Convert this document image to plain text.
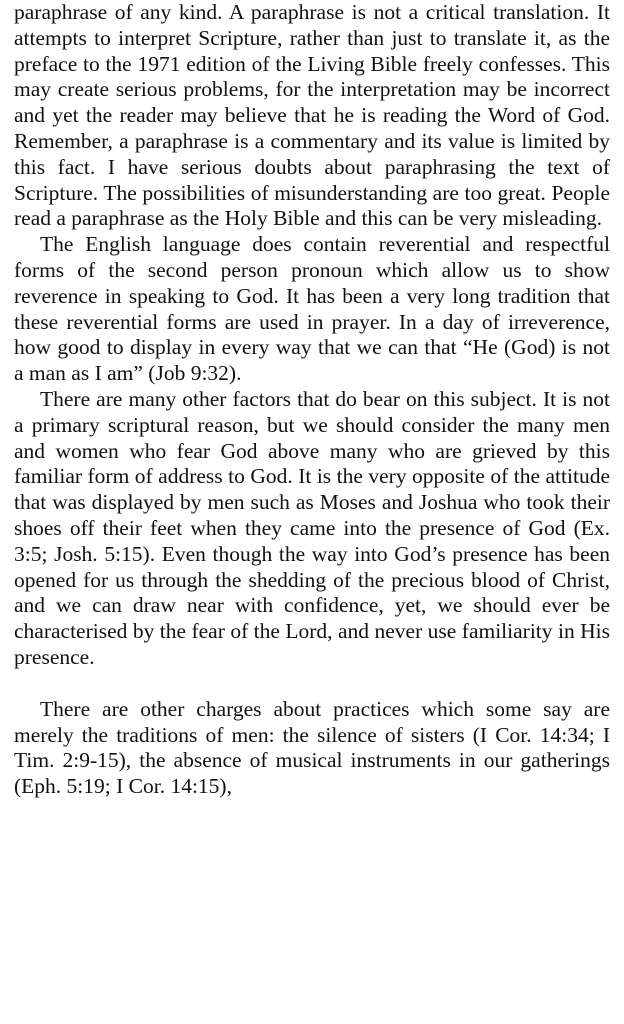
paraphrase of any kind. A paraphrase is not a critical translation. It attempts to interpret Scripture, rather than just to translate it, as the preface to the 1971 edition of the Living Bible freely confesses. This may create serious problems, for the interpretation may be incorrect and yet the reader may believe that he is reading the Word of God. Remember, a paraphrase is a commentary and its value is limited by this fact. I have serious doubts about paraphrasing the text of Scripture. The possibilities of misunderstanding are too great. People read a paraphrase as the Holy Bible and this can be very misleading.

The English language does contain reverential and respectful forms of the second person pronoun which allow us to show reverence in speaking to God. It has been a very long tradition that these reverential forms are used in prayer. In a day of irreverence, how good to display in every way that we can that “He (God) is not a man as I am” (Job 9:32).

There are many other factors that do bear on this subject. It is not a primary scriptural reason, but we should consider the many men and women who fear God above many who are grieved by this familiar form of address to God. It is the very opposite of the attitude that was displayed by men such as Moses and Joshua who took their shoes off their feet when they came into the presence of God (Ex. 3:5; Josh. 5:15). Even though the way into God’s presence has been opened for us through the shedding of the precious blood of Christ, and we can draw near with confidence, yet, we should ever be characterised by the fear of the Lord, and never use familiarity in His presence.

There are other charges about practices which some say are merely the traditions of men: the silence of sisters (I Cor. 14:34; I Tim. 2:9-15), the absence of musical instruments in our gatherings (Eph. 5:19; I Cor. 14:15),
